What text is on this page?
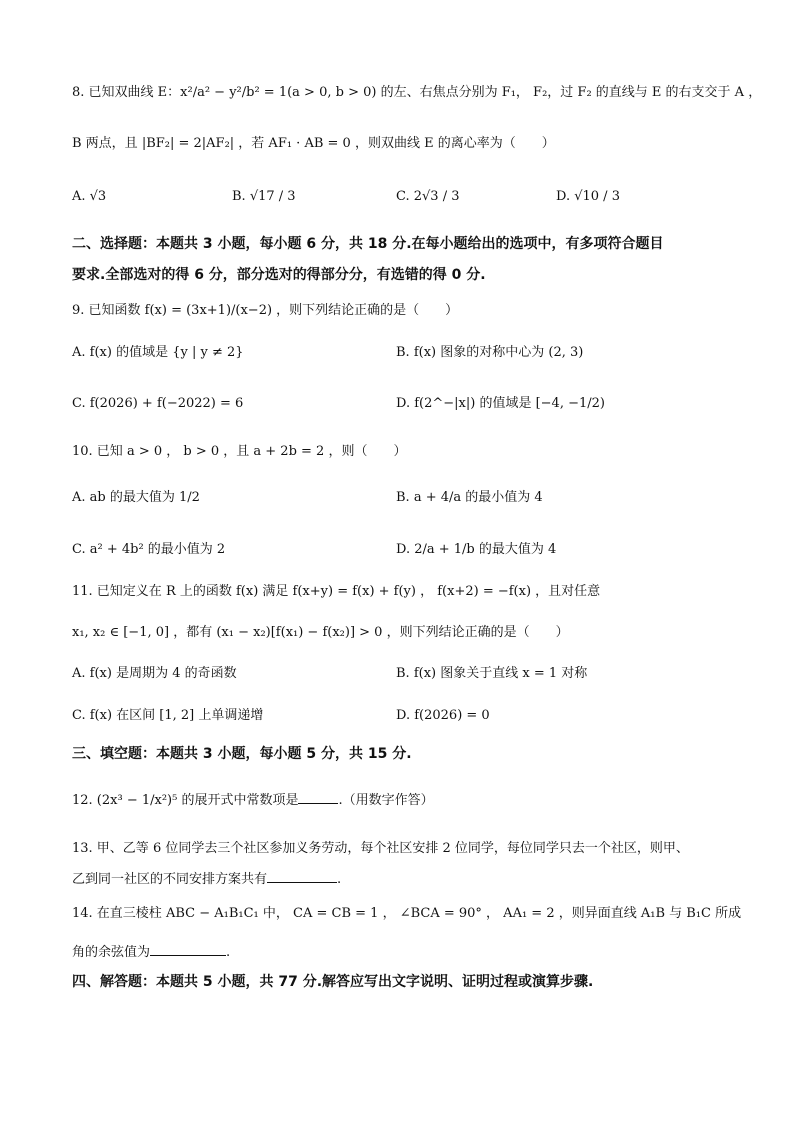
8. 已知双曲线 E：x²/a² − y²/b² = 1(a > 0, b > 0) 的左、右焦点分别为 F₁， F₂，过 F₂ 的直线与 E 的右支交于 A ，
B 两点，且 |BF₂| = 2|AF₂| ，若 AF₁ · AB = 0 ，则双曲线 E 的离心率为（　　）
A. √3	B. √17 / 3	C. 2√3 / 3	D. √10 / 3
二、选择题：本题共 3 小题，每小题 6 分，共 18 分.在每小题给出的选项中，有多项符合题目
要求.全部选对的得 6 分，部分选对的得部分分，有选错的得 0 分.
9. 已知函数 f(x) = (3x+1)/(x−2) ，则下列结论正确的是（　　）
A. f(x) 的值域是 {y | y ≠ 2}	B. f(x) 图象的对称中心为 (2, 3)
C. f(2026) + f(−2022) = 6	D. f(2^−|x|) 的值域是 [−4, −1/2)
10. 已知 a > 0 ， b > 0 ，且 a + 2b = 2 ，则（　　）
A. ab 的最大值为 1/2	B. a + 4/a 的最小值为 4
C. a² + 4b² 的最小值为 2	D. 2/a + 1/b 的最大值为 4
11. 已知定义在 R 上的函数 f(x) 满足 f(x+y) = f(x) + f(y) ， f(x+2) = −f(x) ，且对任意
x₁, x₂ ∈ [−1, 0] ，都有 (x₁ − x₂)[f(x₁) − f(x₂)] > 0 ，则下列结论正确的是（　　）
A. f(x) 是周期为 4 的奇函数	B. f(x) 图象关于直线 x = 1 对称
C. f(x) 在区间 [1, 2] 上单调递增	D. f(2026) = 0
三、填空题：本题共 3 小题，每小题 5 分，共 15 分.
12. (2x³ − 1/x²)⁵ 的展开式中常数项是	.（用数字作答）
13. 甲、乙等 6 位同学去三个社区参加义务劳动，每个社区安排 2 位同学，每位同学只去一个社区，则甲、
乙到同一社区的不同安排方案共有	.
14. 在直三棱柱 ABC − A₁B₁C₁ 中， CA = CB = 1 ， ∠BCA = 90° ， AA₁ = 2 ，则异面直线 A₁B 与 B₁C 所成
角的余弦值为	.
四、解答题：本题共 5 小题，共 77 分.解答应写出文字说明、证明过程或演算步骤.
